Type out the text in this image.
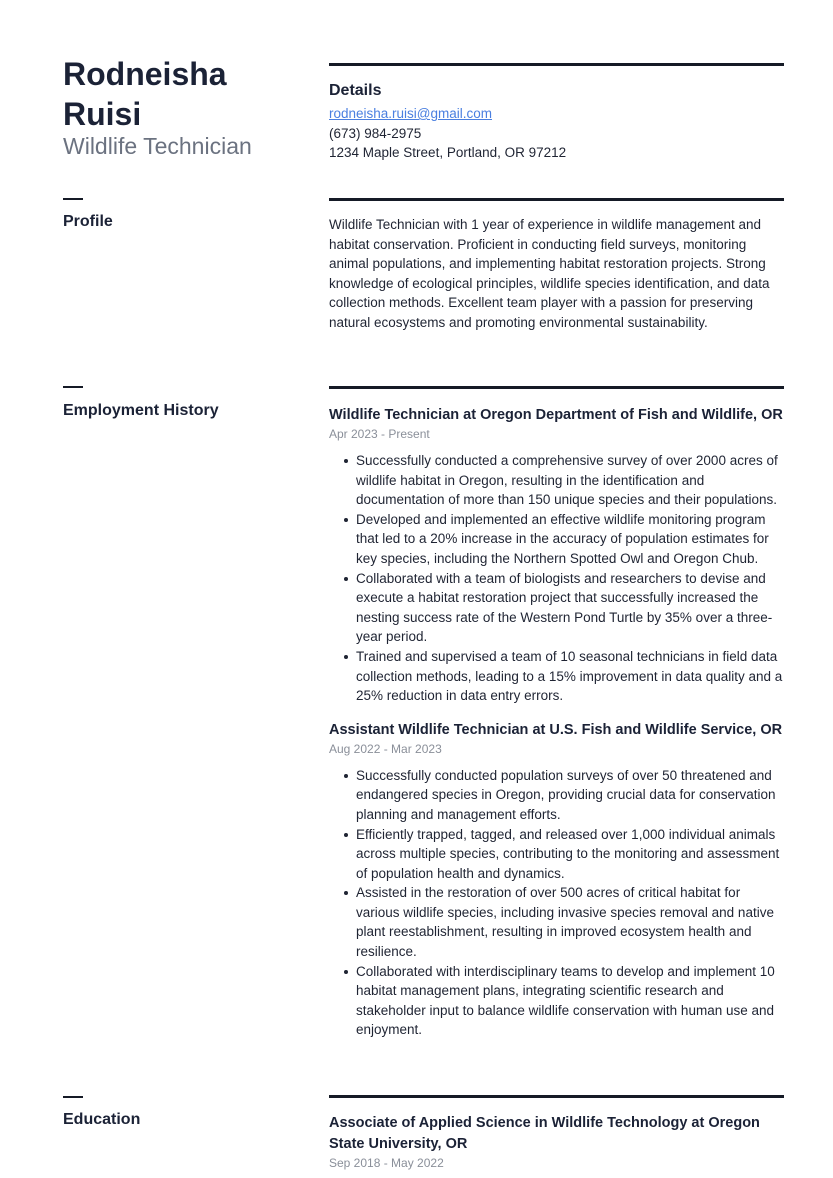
Rodneisha
Ruisi
Wildlife Technician
Details
rodneisha.ruisi@gmail.com
(673) 984-2975
1234 Maple Street, Portland, OR 97212
Profile	Wildlife Technician with 1 year of experience in wildlife management and habitat conservation. Proficient in conducting field surveys, monitoring animal populations, and implementing habitat restoration projects. Strong knowledge of ecological principles, wildlife species identification, and data collection methods. Excellent team player with a passion for preserving natural ecosystems and promoting environmental sustainability.
Employment History	Wildlife Technician at Oregon Department of Fish and Wildlife, OR
Apr 2023 - Present
Successfully conducted a comprehensive survey of over 2000 acres of wildlife habitat in Oregon, resulting in the identification and documentation of more than 150 unique species and their populations.
Developed and implemented an effective wildlife monitoring program that led to a 20% increase in the accuracy of population estimates for key species, including the Northern Spotted Owl and Oregon Chub.
Collaborated with a team of biologists and researchers to devise and execute a habitat restoration project that successfully increased the nesting success rate of the Western Pond Turtle by 35% over a three-year period.
Trained and supervised a team of 10 seasonal technicians in field data collection methods, leading to a 15% improvement in data quality and a 25% reduction in data entry errors.
Assistant Wildlife Technician at U.S. Fish and Wildlife Service, OR
Aug 2022 - Mar 2023
Successfully conducted population surveys of over 50 threatened and endangered species in Oregon, providing crucial data for conservation planning and management efforts.
Efficiently trapped, tagged, and released over 1,000 individual animals across multiple species, contributing to the monitoring and assessment of population health and dynamics.
Assisted in the restoration of over 500 acres of critical habitat for various wildlife species, including invasive species removal and native plant reestablishment, resulting in improved ecosystem health and resilience.
Collaborated with interdisciplinary teams to develop and implement 10 habitat management plans, integrating scientific research and stakeholder input to balance wildlife conservation with human use and enjoyment.
Education	Associate of Applied Science in Wildlife Technology at Oregon State University, OR
Sep 2018 - May 2022
